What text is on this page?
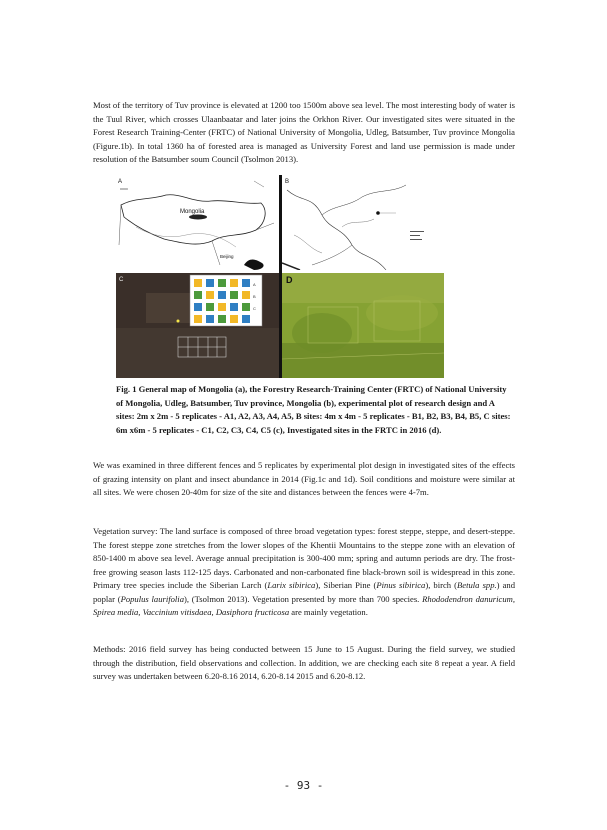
Most of the territory of Tuv province is elevated at 1200 too 1500m above sea level. The most interesting body of water is the Tuul River, which crosses Ulaanbaatar and later joins the Orkhon River. Our investigated sites were situated in the Forest Research Training-Center (FRTC) of National University of Mongolia, Udleg, Batsumber, Tuv province Mongolia (Figure.1b). In total 1360 ha of forested area is managed as University Forest and land use permission is made under resolution of the Batsumber soum Council (Tsolmon 2013).

A
Mongolia
Beijing
B
C
A
B
C
D

Fig. 1 General map of Mongolia (a), the Forestry Research-Training Center (FRTC) of National University of Mongolia, Udleg, Batsumber, Tuv province, Mongolia (b), experimental plot of research design and A sites: 2m x 2m - 5 replicates - A1, A2, A3, A4, A5, B sites: 4m x 4m - 5 replicates - B1, B2, B3, B4, B5, C sites: 6m x6m - 5 replicates - C1, C2, C3, C4, C5 (c), Investigated sites in the FRTC in 2016 (d).

We was examined in three different fences and 5 replicates by experimental plot design in investigated sites of the effects of grazing intensity on plant and insect abundance in 2014 (Fig.1c and 1d). Soil conditions and moisture were similar at all sites. We were chosen 20-40m for size of the site and distances between the fences were 4-7m.

Vegetation survey: The land surface is composed of three broad vegetation types: forest steppe, steppe, and desert-steppe. The forest steppe zone stretches from the lower slopes of the Khentii Mountains to the steppe zone with an elevation of 850-1400 m above sea level. Average annual precipitation is 300-400 mm; spring and autumn periods are dry. The frost-free growing season lasts 112-125 days. Carbonated and non-carbonated fine black-brown soil is widespread in this zone. Primary tree species include the Siberian Larch (Larix sibirica), Siberian Pine (Pinus sibirica), birch (Betula spp.) and poplar (Populus laurifolia), (Tsolmon 2013). Vegetation presented by more than 700 species. Rhododendron danuricum, Spirea media, Vaccinium vitisdaea, Dasiphora fructicosa are mainly vegetation.

Methods: 2016 field survey has being conducted between 15 June to 15 August. During the field survey, we studied through the distribution, field observations and collection. In addition, we are checking each site 8 repeat a year. A field survey was undertaken between 6.20-8.16 2014, 6.20-8.14 2015 and 6.20-8.12.

- 93 -
